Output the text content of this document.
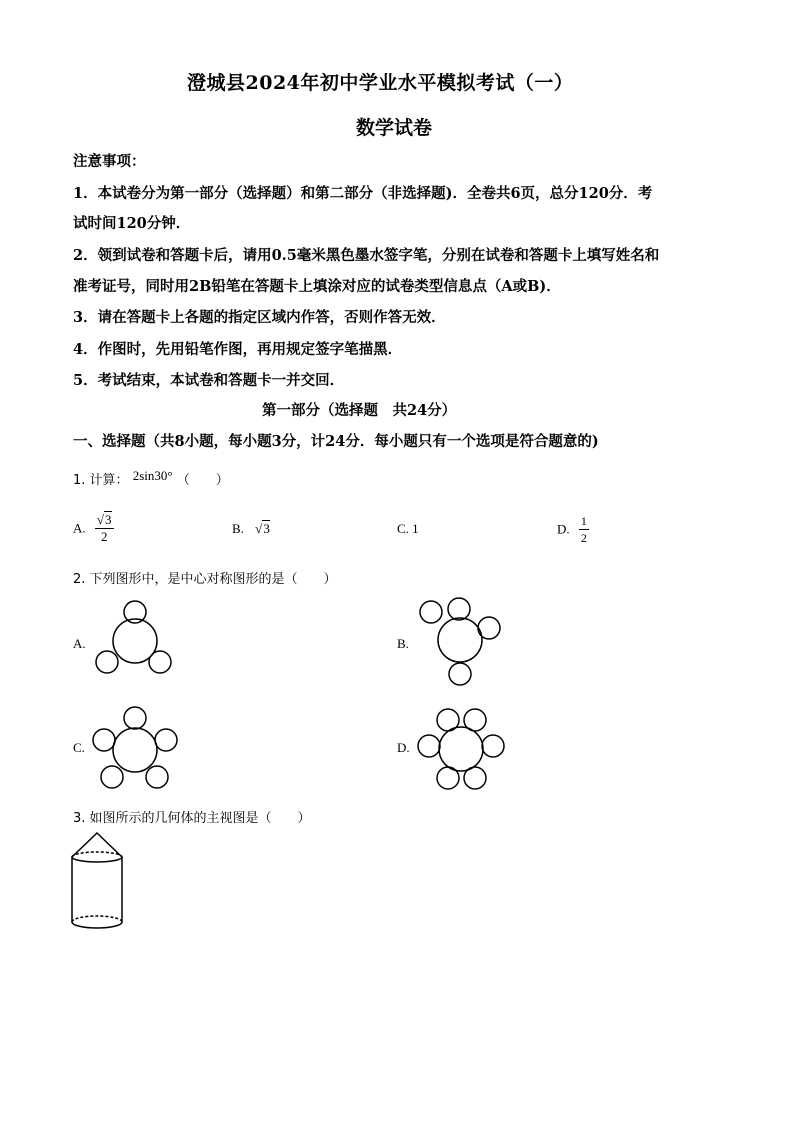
澄城县2024年初中学业水平模拟考试（一）
数学试卷
注意事项：
1．本试卷分为第一部分（选择题）和第二部分（非选择题)．全卷共6页，总分120分．考
试时间120分钟．
2．领到试卷和答题卡后，请用0.5毫米黑色墨水签字笔，分别在试卷和答题卡上填写姓名和
准考证号，同时用2B铅笔在答题卡上填涂对应的试卷类型信息点（A或B)．
3．请在答题卡上各题的指定区域内作答，否则作答无效．
4．作图时，先用铅笔作图，再用规定签字笔描黑．
5．考试结束，本试卷和答题卡一并交回．
第一部分（选择题　共24分）
一、选择题（共8小题，每小题3分，计24分．每小题只有一个选项是符合题意的)
1. 计算： 2sin30° （　　）
A. $\frac{√3}{2}$	B. √3	C. 1	D. $\frac{1}{2}$
2. 下列图形中，是中心对称图形的是（　　）
A.	B.
C.	D.
3. 如图所示的几何体的主视图是（　　）
